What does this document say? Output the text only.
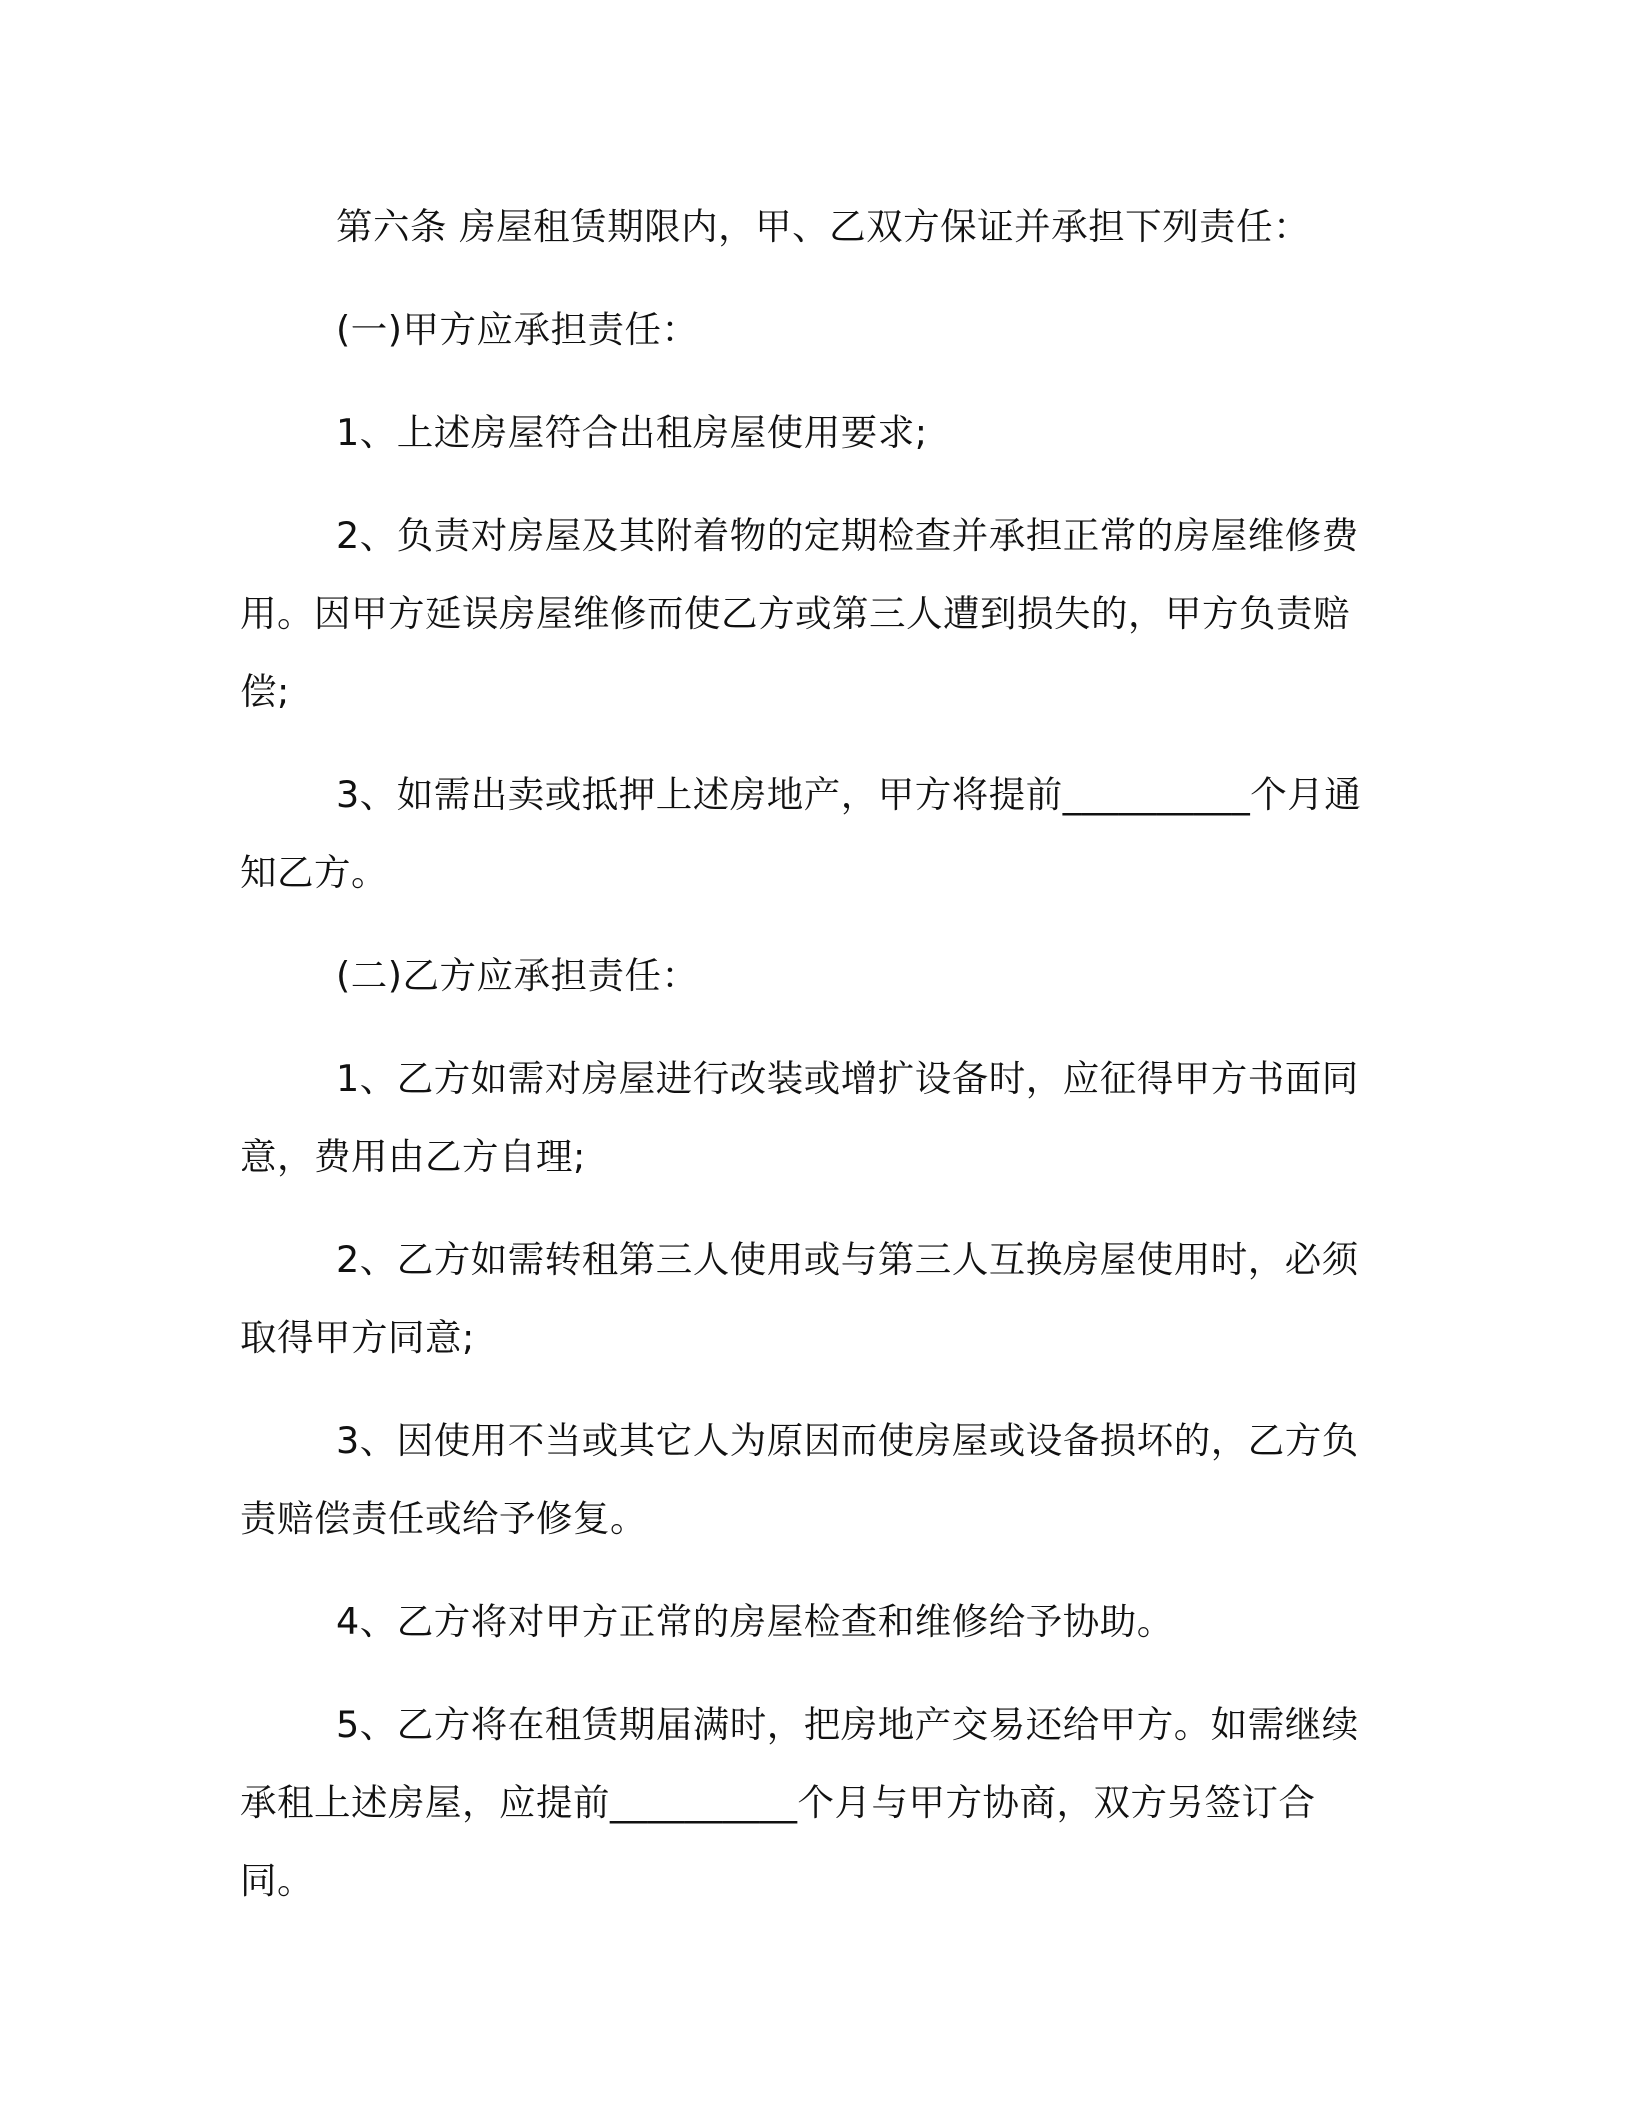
第六条 房屋租赁期限内，甲、乙双方保证并承担下列责任：

(一)甲方应承担责任：

1、上述房屋符合出租房屋使用要求;

2、负责对房屋及其附着物的定期检查并承担正常的房屋维修费用。因甲方延误房屋维修而使乙方或第三人遭到损失的，甲方负责赔偿;

3、如需出卖或抵押上述房地产，甲方将提前__________个月通知乙方。

(二)乙方应承担责任：

1、乙方如需对房屋进行改装或增扩设备时，应征得甲方书面同意，费用由乙方自理;

2、乙方如需转租第三人使用或与第三人互换房屋使用时，必须取得甲方同意;

3、因使用不当或其它人为原因而使房屋或设备损坏的，乙方负责赔偿责任或给予修复。

4、乙方将对甲方正常的房屋检查和维修给予协助。

5、乙方将在租赁期届满时，把房地产交易还给甲方。如需继续承租上述房屋，应提前__________个月与甲方协商，双方另签订合同。
